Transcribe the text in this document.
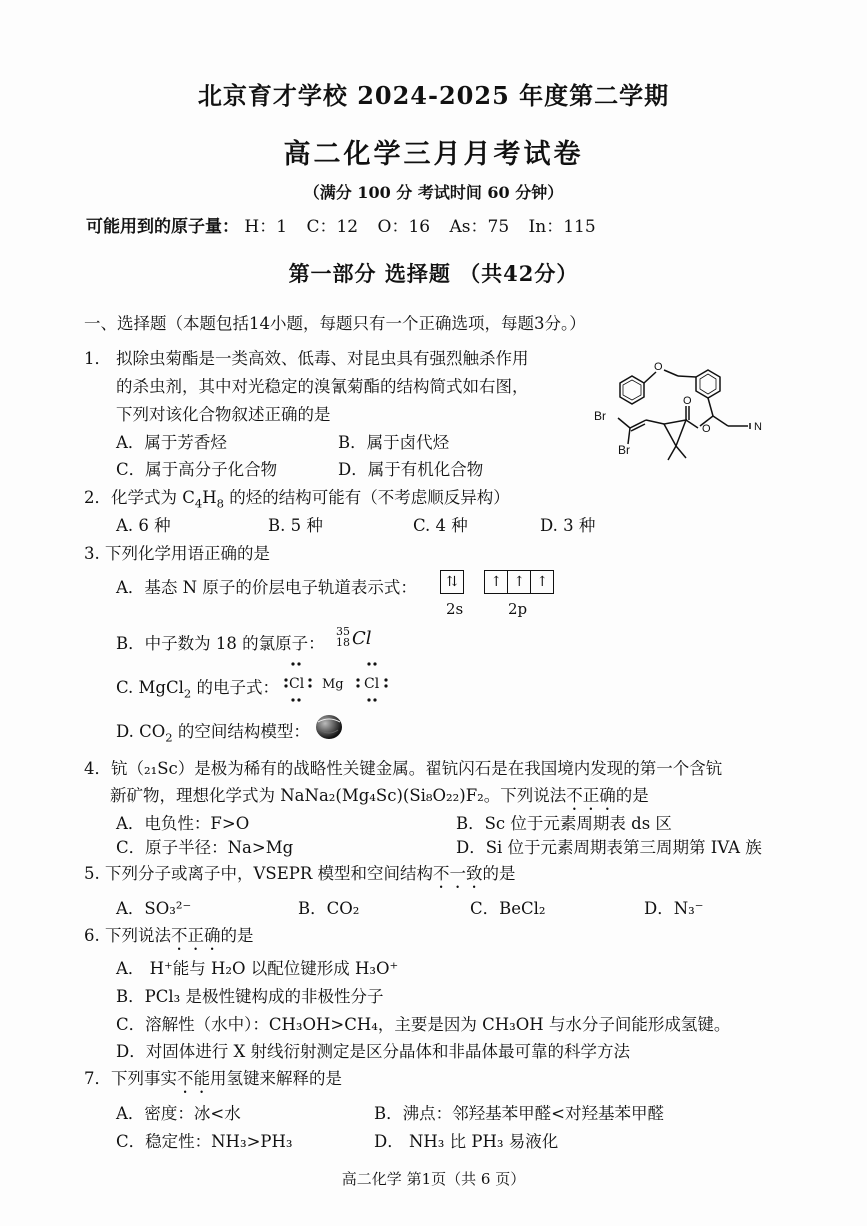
北京育才学校 2024-2025 年度第二学期
高二化学三月月考试卷
（满分 100 分 考试时间 60 分钟）
可能用到的原子量： H：1 C：12 O：16 As：75 In：115
第一部分 选择题 （共42分）
一、选择题（本题包括14小题，每题只有一个正确选项，每题3分。）
1． 拟除虫菊酯是一类高效、低毒、对昆虫具有强烈触杀作用
的杀虫剂，其中对光稳定的溴氰菊酯的结构简式如右图，
下列对该化合物叙述正确的是
A．属于芳香烃	B．属于卤代烃
C．属于高分子化合物	D．属于有机化合物
O
N
O
O
Br
Br
2．化学式为 $C_4H_8$ 的烃的结构可能有（不考虑顺反异构）
A. 6 种	B. 5 种	C. 4 种	D. 3 种
3. 下列化学用语正确的是
A．基态 N 原子的价层电子轨道表示式：	⇅ ↑ ↑ ↑
2s	2p
B．中子数为 18 的氯原子：
35
18 Cl
C. MgCl$_2$ 的电子式： Cl Mg Cl
D. $CO_2$ 的空间结构模型：
4．钪（₂₁Sc）是极为稀有的战略性关键金属。翟钪闪石是在我国境内发现的第一个含钪
新矿物，理想化学式为 NaNa₂(Mg₄Sc)(Si₈O₂₂)F₂。下列说法不正确的是
A．电负性：F>O	B．Sc 位于元素周期表 ds 区
C．原子半径：Na>Mg	D．Si 位于元素周期表第三周期第 IVA 族
5. 下列分子或离子中，VSEPR 模型和空间结构不一致的是
A．SO₃²⁻	B．CO₂	C．BeCl₂	D．N₃⁻
6. 下列说法不正确的是
A． H⁺能与 H₂O 以配位键形成 H₃O⁺
B．PCl₃ 是极性键构成的非极性分子
C．溶解性（水中）：CH₃OH>CH₄，主要是因为 CH₃OH 与水分子间能形成氢键。
D．对固体进行 X 射线衍射测定是区分晶体和非晶体最可靠的科学方法
7．下列事实不能用氢键来解释的是
A．密度：冰<水	B．沸点：邻羟基苯甲醛<对羟基苯甲醛
C．稳定性：NH₃>PH₃	D． NH₃ 比 PH₃ 易液化
高二化学 第1页（共 6 页）
